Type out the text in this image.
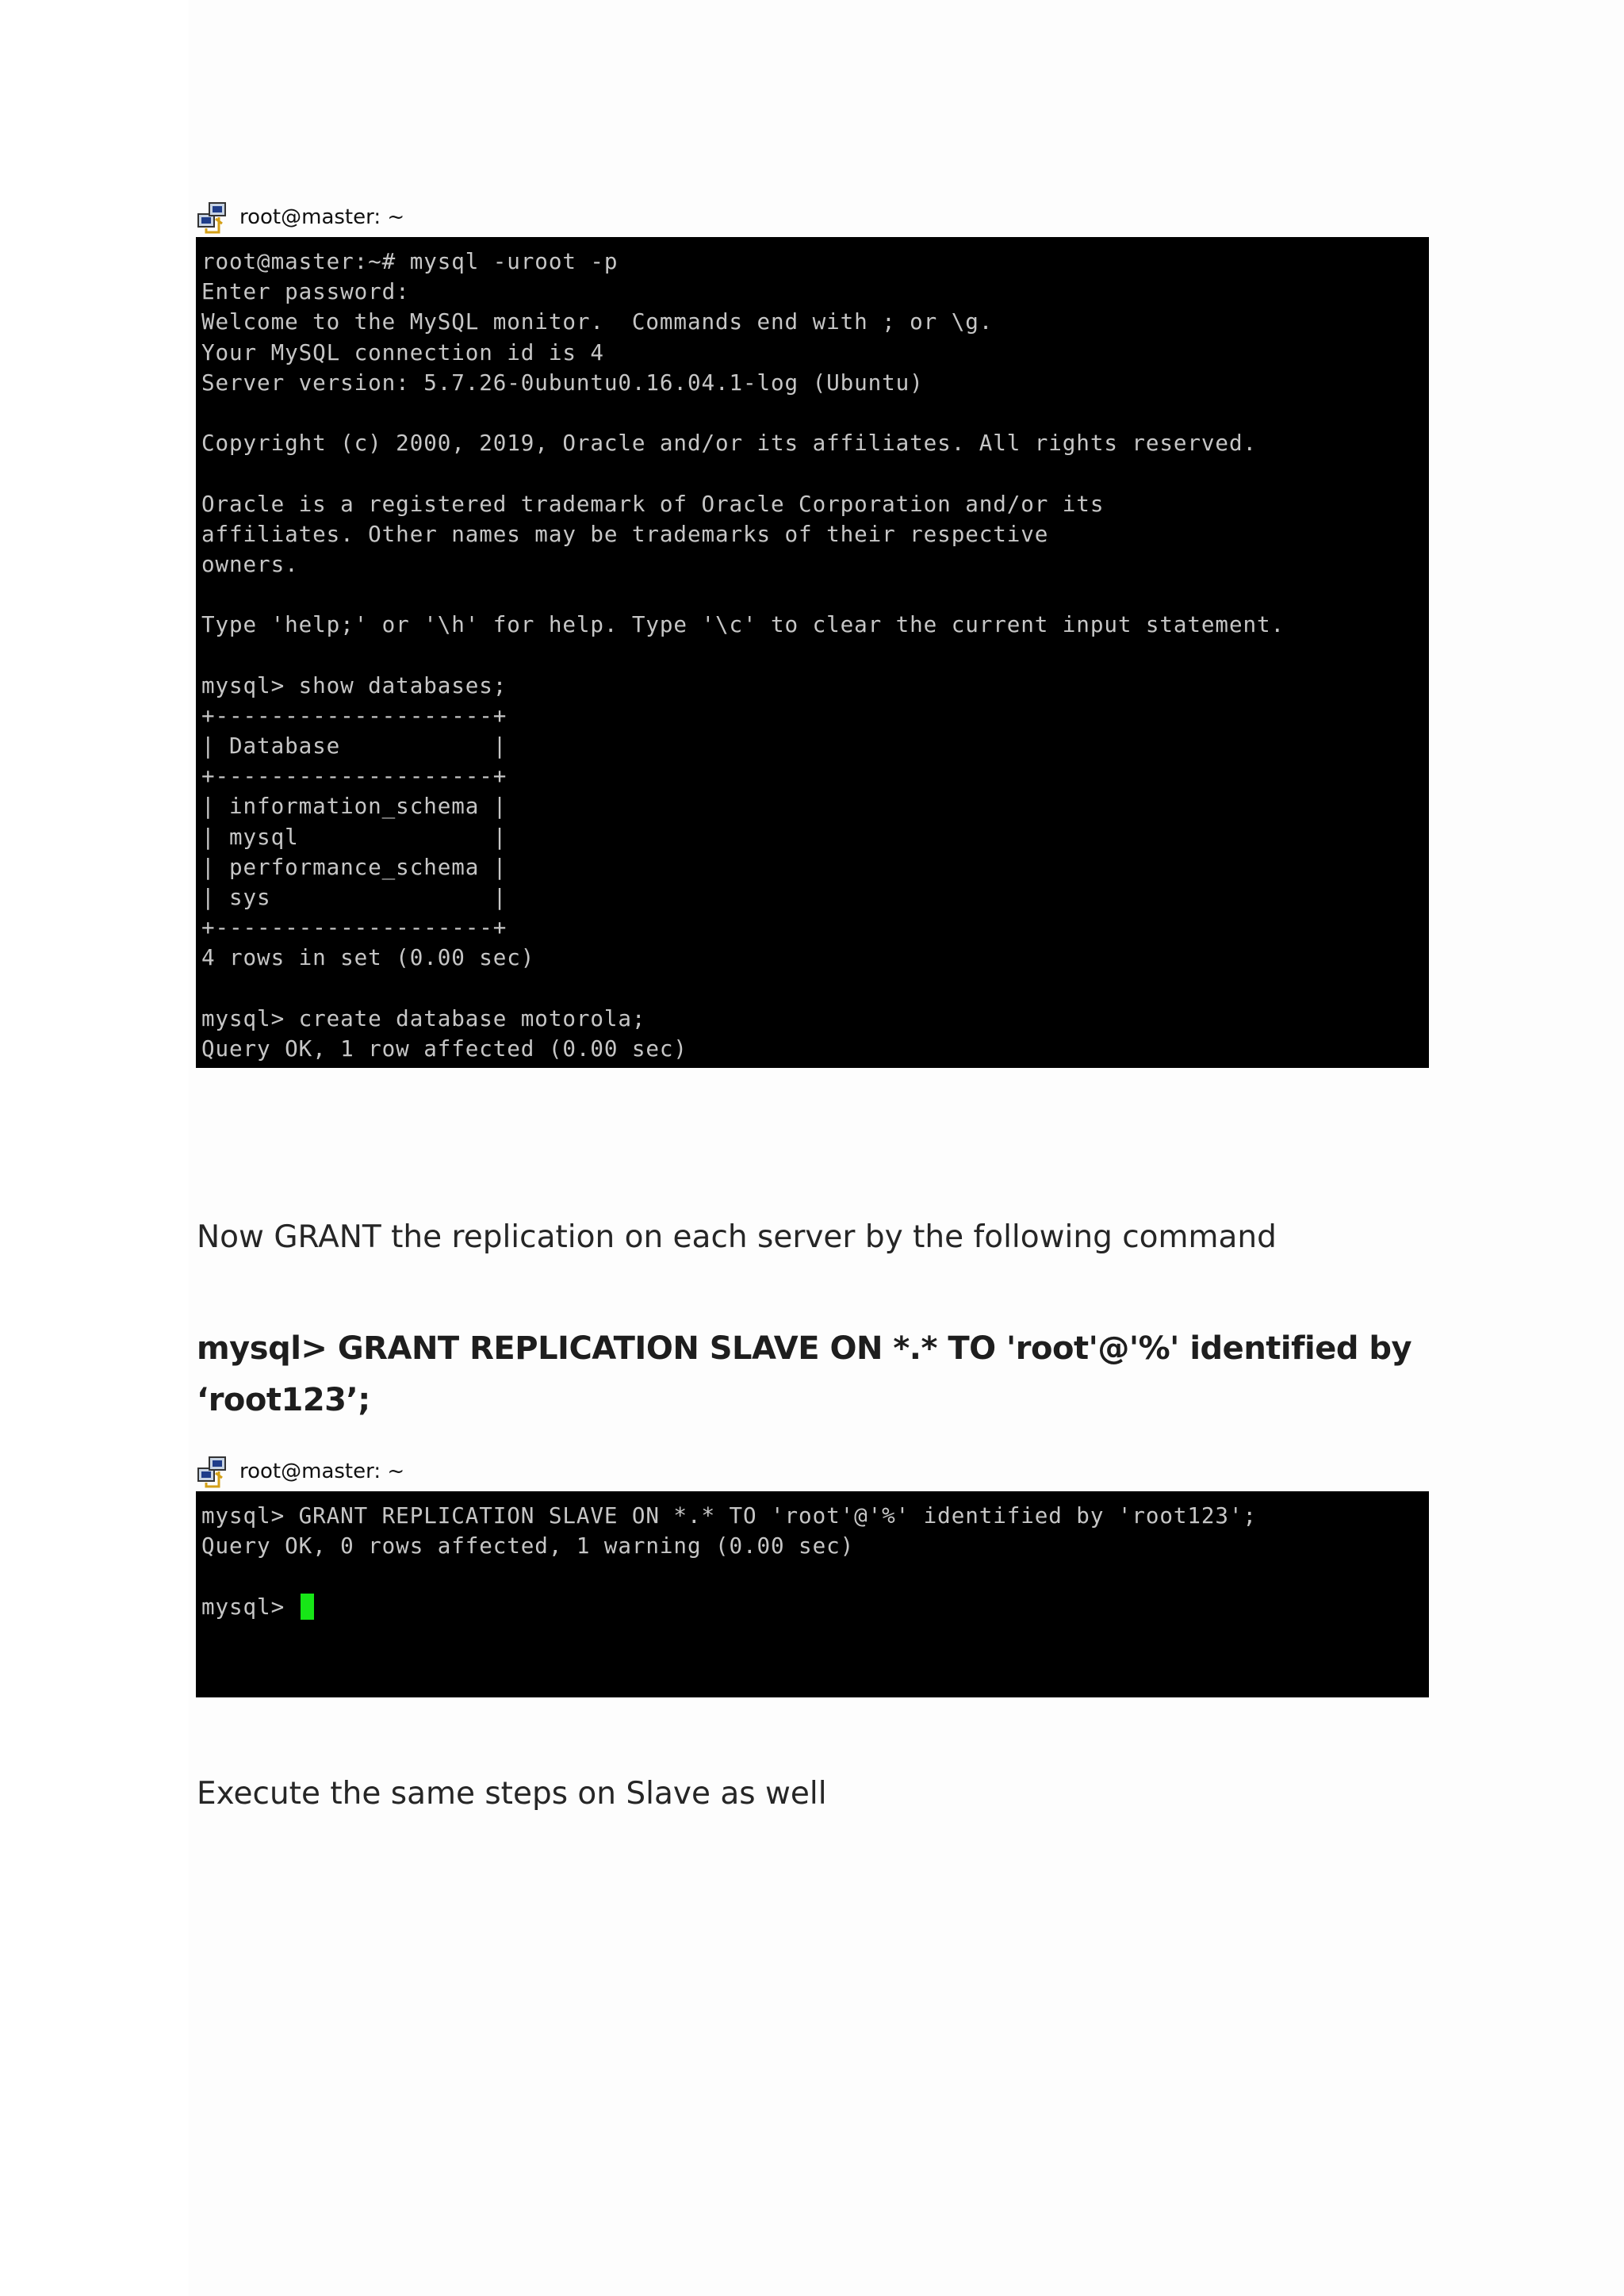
root@master: ~
root@master:~# mysql -uroot -p
Enter password:
Welcome to the MySQL monitor.  Commands end with ; or \g.
Your MySQL connection id is 4
Server version: 5.7.26-0ubuntu0.16.04.1-log (Ubuntu)
Copyright (c) 2000, 2019, Oracle and/or its affiliates. All rights reserved.
Oracle is a registered trademark of Oracle Corporation and/or its
affiliates. Other names may be trademarks of their respective
owners.
Type 'help;' or '\h' for help. Type '\c' to clear the current input statement.
mysql> show databases;
+--------------------+
| Database           |
+--------------------+
| information_schema |
| mysql              |
| performance_schema |
| sys                |
+--------------------+
4 rows in set (0.00 sec)
mysql> create database motorola;
Query OK, 1 row affected (0.00 sec)
Now GRANT the replication on each server by the following command
mysql> GRANT REPLICATION SLAVE ON *.* TO 'root'@'%' identified by ‘root123’;
root@master: ~
mysql> GRANT REPLICATION SLAVE ON *.* TO 'root'@'%' identified by 'root123';
Query OK, 0 rows affected, 1 warning (0.00 sec)
mysql>
Execute the same steps on Slave as well
